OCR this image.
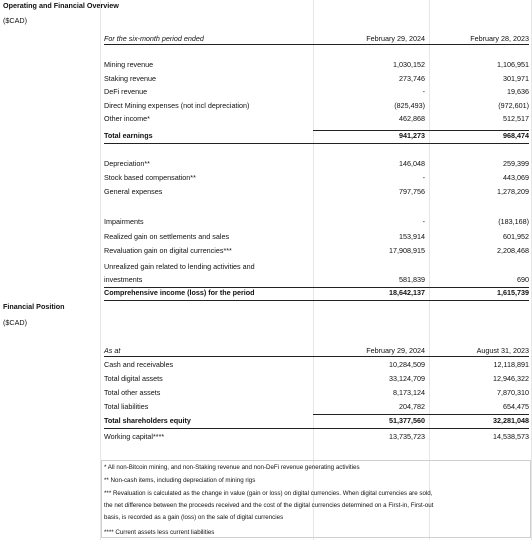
Operating and Financial Overview
($CAD)
For the six-month period ended	February 29, 2024	February 28, 2023
Mining revenue	1,030,152	1,106,951
Staking revenue	273,746	301,971
DeFi revenue	-	19,636
Direct Mining expenses (not incl depreciation)	(825,493)	(972,601)
Other income*	462,868	512,517
Total earnings	941,273	968,474
Depreciation**	146,048	259,399
Stock based compensation**	-	443,069
General expenses	797,756	1,278,209
Impairments	-	(183,168)
Realized gain on settlements and sales	153,914	601,952
Revaluation gain on digital currencies***	17,908,915	2,208,468
Unrealized gain related to lending activities and
investments	581,839	690
Comprehensive income (loss) for the period	18,642,137	1,615,739
Financial Position
($CAD)
As at	February 29, 2024	August 31, 2023
Cash and receivables	10,284,509	12,118,891
Total digital assets	33,124,709	12,946,322
Total other assets	8,173,124	7,870,310
Total liabilities	204,782	654,475
Total shareholders equity	51,377,560	32,281,048
Working capital****	13,735,723	14,538,573
* All non-Bitcoin mining, and non-Staking revenue and non-DeFi revenue generating activities
** Non-cash items, including depreciation of mining rigs
*** Revaluation is calculated as the change in value (gain or loss) on digital currencies. When digital currencies are sold,
the net difference between the proceeds received and the cost of the digital currencies determined on a First-in, First-out
basis, is recorded as a gain (loss) on the sale of digital currencies
**** Current assets less current liabilities
